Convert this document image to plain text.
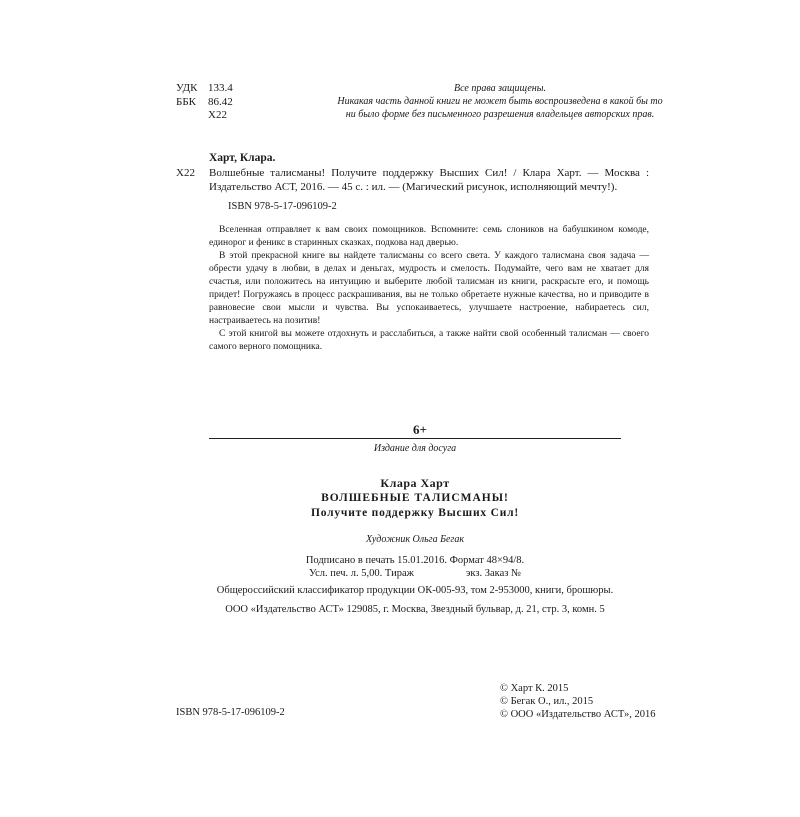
УДК 133.4
ББК	86.42
Х22
Все права защищены.
Никакая часть данной книги не может быть воспроизведена в какой бы то
ни было форме без письменного разрешения владельцев авторских прав.
Харт, Клара.
Х22 Волшебные талисманы! Получите поддержку Высших Сил! / Клара Харт. — Москва : Издательство АСТ, 2016. — 45 с. : ил. — (Магический рисунок, исполняющий мечту!).
ISBN 978-5-17-096109-2

Вселенная отправляет к вам своих помощников. Вспомните: семь слоников на бабушкином комоде, единорог и феникс в старинных сказках, подкова над дверью.

В этой прекрасной книге вы найдете талисманы со всего света. У каждого талисмана своя задача — обрести удачу в любви, в делах и деньгах, мудрость и смелость. Подумайте, чего вам не хватает для счастья, или положитесь на интуицию и выберите любой талисман из книги, раскрасьте его, и помощь придет! Погружаясь в процесс раскрашивания, вы не только обретаете нужные качества, но и приводите в равновесие свои мысли и чувства. Вы успокаиваетесь, улучшаете настроение, набираетесь сил, настраиваетесь на позитив!

С этой книгой вы можете отдохнуть и расслабиться, а также найти свой особенный талисман — своего самого верного помощника.

6+
Издание для досуга
Клара Харт
ВОЛШЕБНЫЕ ТАЛИСМАНЫ!
Получите поддержку Высших Сил!
Художник Ольга Бегак
Подписано в печать 15.01.2016. Формат 48×94/8.
Усл. печ. л. 5,00. Тираж	экз. Заказ №
Общероссийский классификатор продукции ОК-005-93, том 2-953000, книги, брошюры.
ООО «Издательство АСТ» 129085, г. Москва, Звездный бульвар, д. 21, стр. 3, комн. 5
© Харт К. 2015
© Бегак О., ил., 2015
© ООО «Издательство АСТ», 2016
ISBN 978-5-17-096109-2
